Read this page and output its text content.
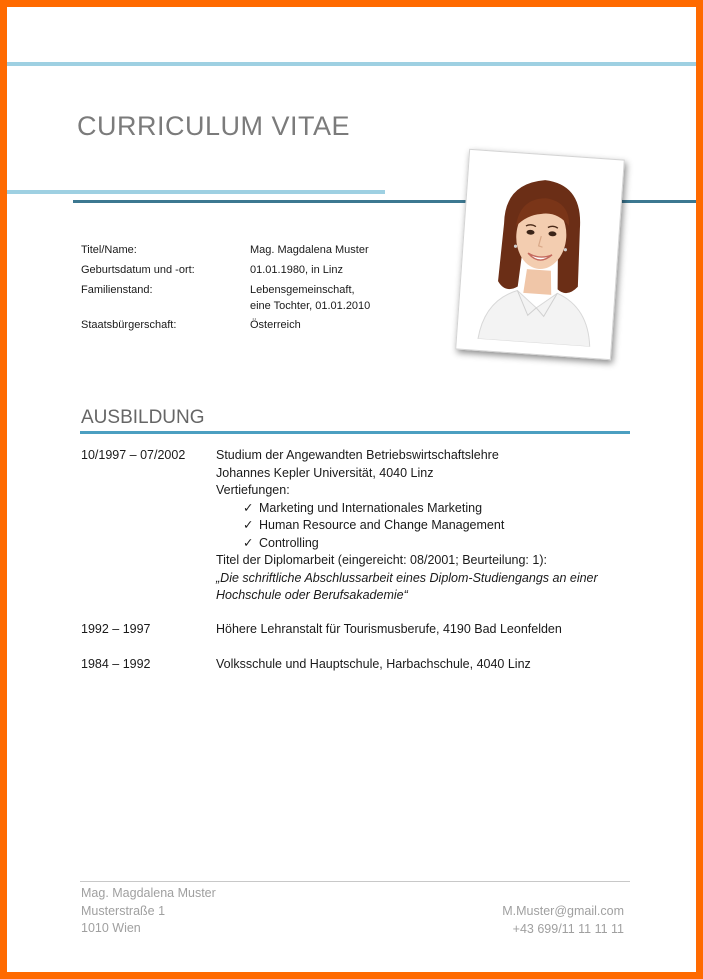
CURRICULUM VITAE
Titel/Name:	Mag. Magdalena Muster
Geburtsdatum und -ort:	01.01.1980, in Linz
Familienstand:	Lebensgemeinschaft,
eine Tochter, 01.01.2010
Staatsbürgerschaft:	Österreich
AUSBILDUNG
10/1997 – 07/2002 Studium der Angewandten Betriebswirtschaftslehre
Johannes Kepler Universität, 4040 Linz
Vertiefungen:
✓ Marketing und Internationales Marketing
✓ Human Resource and Change Management
✓ Controlling
Titel der Diplomarbeit (eingereicht: 08/2001; Beurteilung: 1):
„Die schriftliche Abschlussarbeit eines Diplom-Studiengangs an einer
Hochschule oder Berufsakademie“
1992 – 1997	Höhere Lehranstalt für Tourismusberufe, 4190 Bad Leonfelden
1984 – 1992	Volksschule und Hauptschule, Harbachschule, 4040 Linz
Mag. Magdalena Muster
Musterstraße 1
1010 Wien
M.Muster@gmail.com
+43 699/11 11 11 11
